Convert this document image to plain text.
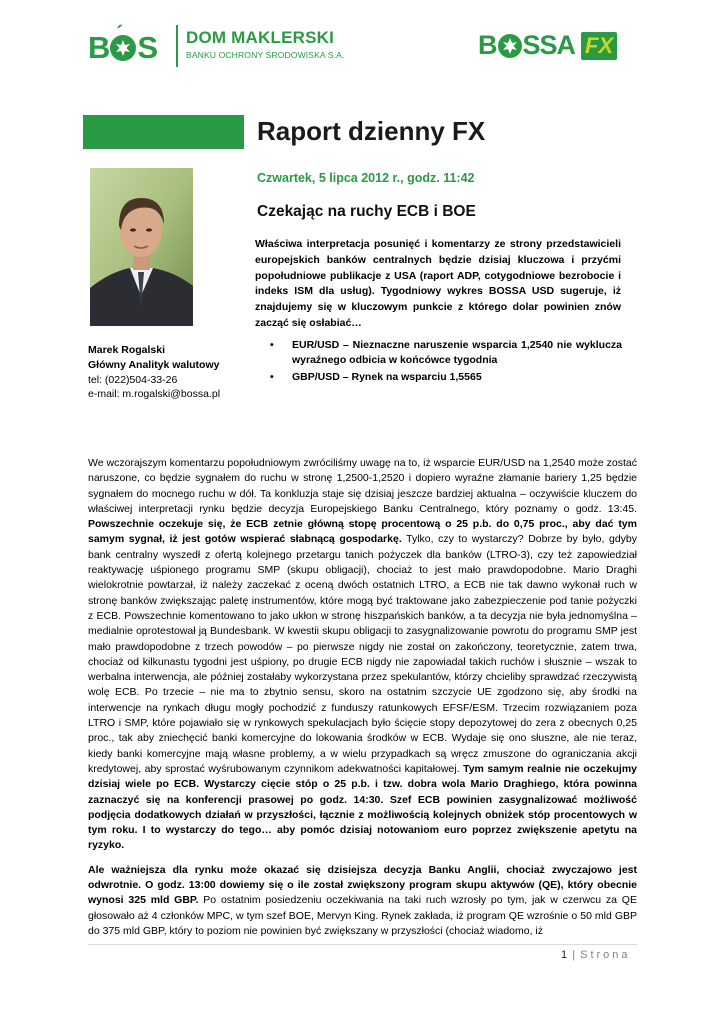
B ´ S DOM MAKLERSKI
BANKU OCHRONY ŚRODOWISKA S.A.	B SSA FX
Raport dzienny FX
Czwartek, 5 lipca 2012 r., godz. 11:42
Czekając na ruchy ECB i BOE
Właściwa interpretacja posunięć i komentarzy ze strony przedstawicieli europejskich banków centralnych będzie dzisiaj kluczowa i przyćmi popołudniowe publikacje z USA (raport ADP, cotygodniowe bezrobocie i indeks ISM dla usług). Tygodniowy wykres BOSSA USD sugeruje, iż znajdujemy się w kluczowym punkcie z którego dolar powinien znów zacząć się osłabiać…
• EUR/USD – Nieznaczne naruszenie wsparcia 1,2540 nie wyklucza wyraźnego odbicia w końcówce tygodnia
• GBP/USD – Rynek na wsparciu 1,5565
Marek Rogalski
Główny Analityk walutowy
tel: (022)504-33-26
e-mail: m.rogalski@bossa.pl

We wczorajszym komentarzu popołudniowym zwróciliśmy uwagę na to, iż wsparcie EUR/USD na 1,2540 może zostać naruszone, co będzie sygnałem do ruchu w stronę 1,2500-1,2520 i dopiero wyraźne złamanie bariery 1,25 będzie sygnałem do mocnego ruchu w dół. Ta konkluzja staje się dzisiaj jeszcze bardziej aktualna – oczywiście kluczem do właściwej interpretacji rynku będzie decyzja Europejskiego Banku Centralnego, który poznamy o godz. 13:45. Powszechnie oczekuje się, że ECB zetnie główną stopę procentową o 25 p.b. do 0,75 proc., aby dać tym samym sygnał, iż jest gotów wspierać słabnącą gospodarkę. Tylko, czy to wystarczy? Dobrze by było, gdyby bank centralny wyszedł z ofertą kolejnego przetargu tanich pożyczek dla banków (LTRO-3), czy też zapowiedział reaktywację uśpionego programu SMP (skupu obligacji), chociaż to jest mało prawdopodobne. Mario Draghi wielokrotnie powtarzał, iż należy zaczekać z oceną dwóch ostatnich LTRO, a ECB nie tak dawno wykonał ruch w stronę banków zwiększając paletę instrumentów, które mogą być traktowane jako zabezpieczenie pod tanie pożyczki z ECB. Powszechnie komentowano to jako ukłon w stronę hiszpańskich banków, a ta decyzja nie była jednomyślna – medialnie oprotestował ją Bundesbank. W kwestii skupu obligacji to zasygnalizowanie powrotu do programu SMP jest mało prawdopodobne z trzech powodów – po pierwsze nigdy nie został on zakończony, teoretycznie, zatem trwa, chociaż od kilkunastu tygodni jest uśpiony, po drugie ECB nigdy nie zapowiadał takich ruchów i słusznie – wszak to werbalna interwencja, ale później zostałaby wykorzystana przez spekulantów, którzy chcieliby sprawdzać rzeczywistą wolę ECB. Po trzecie – nie ma to zbytnio sensu, skoro na ostatnim szczycie UE zgodzono się, aby środki na interwencje na rynkach długu mogły pochodzić z funduszy ratunkowych EFSF/ESM. Trzecim rozwiązaniem poza LTRO i SMP, które pojawiało się w rynkowych spekulacjach było ścięcie stopy depozytowej do zera z obecnych 0,25 proc., tak aby zniechęcić banki komercyjne do lokowania środków w ECB. Wydaje się ono słuszne, ale nie teraz, kiedy banki komercyjne mają własne problemy, a w wielu przypadkach są wręcz zmuszone do ograniczania akcji kredytowej, aby sprostać wyśrubowanym czynnikom adekwatności kapitałowej. Tym samym realnie nie oczekujmy dzisiaj wiele po ECB. Wystarczy cięcie stóp o 25 p.b. i tzw. dobra wola Mario Draghiego, która powinna zaznaczyć się na konferencji prasowej po godz. 14:30. Szef ECB powinien zasygnalizować możliwość podjęcia dodatkowych działań w przyszłości, łącznie z możliwością kolejnych obniżek stóp procentowych w tym roku. I to wystarczy do tego… aby pomóc dzisiaj notowaniom euro poprzez zwiększenie apetytu na ryzyko.

Ale ważniejsza dla rynku może okazać się dzisiejsza decyzja Banku Anglii, chociaż zwyczajowo jest odwrotnie. O godz. 13:00 dowiemy się o ile został zwiększony program skupu aktywów (QE), który obecnie wynosi 325 mld GBP. Po ostatnim posiedzeniu oczekiwania na taki ruch wzrosły po tym, jak w czerwcu za QE głosowało aż 4 członków MPC, w tym szef BOE, Mervyn King. Rynek zakłada, iż program QE wzrośnie o 50 mld GBP do 375 mld GBP, który to poziom nie powinien być zwiększany w przyszłości (chociaż wiadomo, iż

1 | Strona
